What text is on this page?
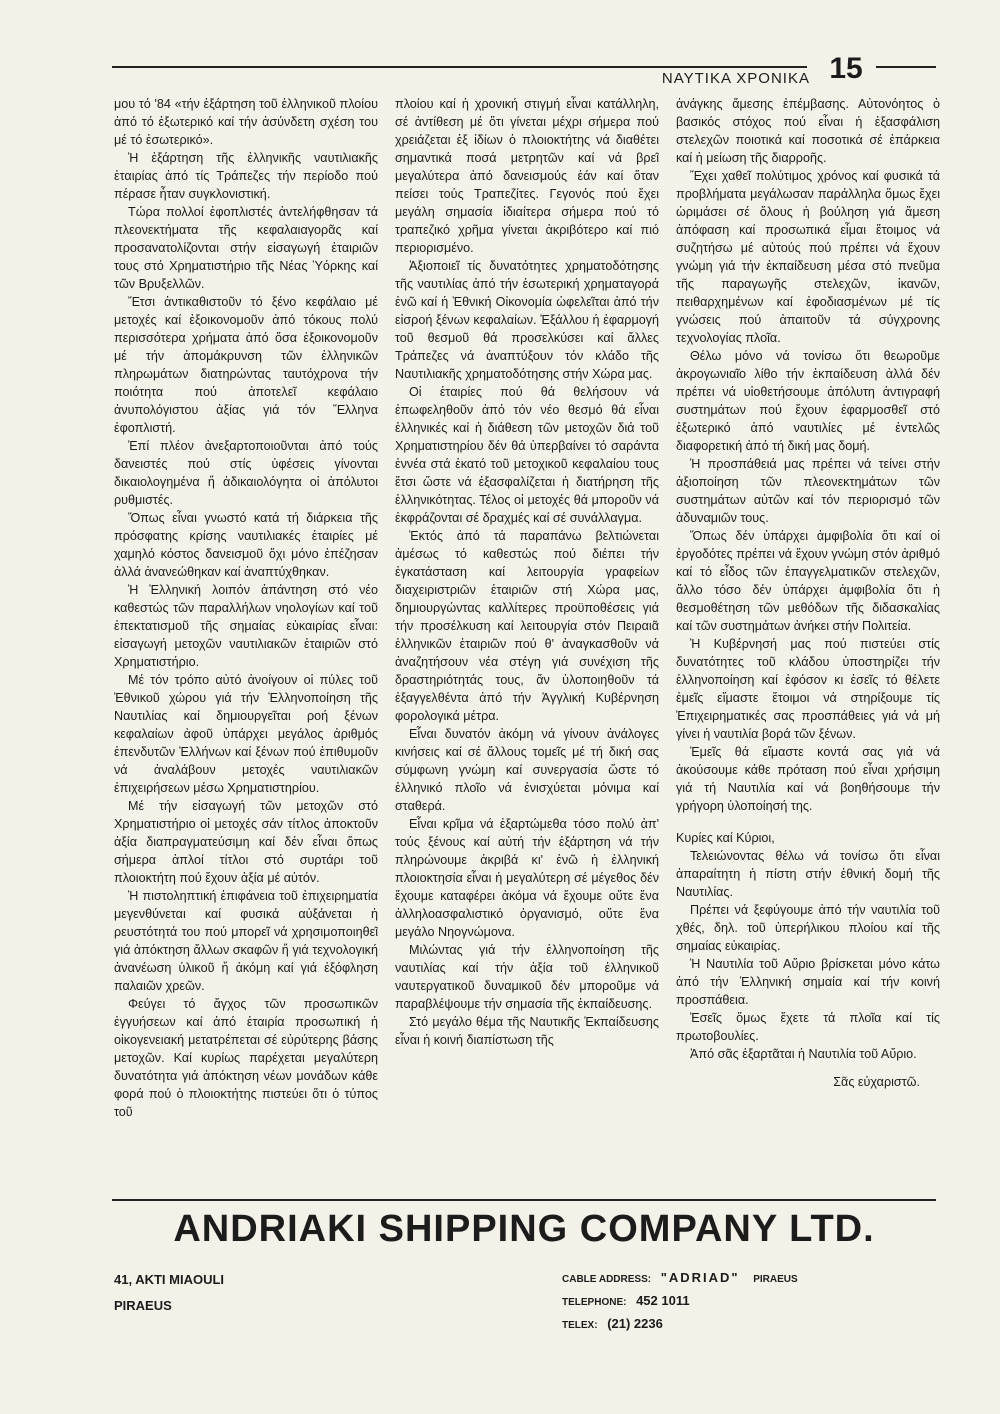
ΝΑΥΤΙΚΑ ΧΡΟΝΙΚΑ 15

μου τό '84 «τήν ἐξάρτηση τοῦ ἑλληνικοῦ πλοίου ἀπό τό ἐξωτερικό καί τήν ἀσύνδετη σχέση του μέ τό ἐσωτερικό».

Ἡ ἐξάρτηση τῆς ἑλληνικῆς ναυτιλιακῆς ἑταιρίας ἀπό τίς Τράπεζες τήν περίοδο πού πέρασε ἦταν συγκλονιστική.

Τώρα πολλοί ἐφοπλιστές ἀντελήφθησαν τά πλεονεκτήματα τῆς κεφαλαιαγορᾶς καί προσανατολίζονται στήν εἰσαγωγή ἑταιριῶν τους στό Χρηματιστήριο τῆς Νέας Ὑόρκης καί τῶν Βρυξελλῶν.

Ἔτσι ἀντικαθιστοῦν τό ξένο κεφάλαιο μέ μετοχές καί ἐξοικονομοῦν ἀπό τόκους πολύ περισσότερα χρήματα ἀπό ὅσα ἐξοικονομοῦν μέ τήν ἀπομάκρυνση τῶν ἑλληνικῶν πληρωμάτων διατηρώντας ταυτόχρονα τήν ποιότητα πού ἀποτελεῖ κεφάλαιο ἀνυπολόγιστου ἀξίας γιά τόν Ἕλληνα ἐφοπλιστή.

Ἐπί πλέον ἀνεξαρτοποιοῦνται ἀπό τούς δανειστές πού στίς ὑφέσεις γίνονται δικαιολογημένα ἤ ἀδικαιολόγητα οἱ ἀπόλυτοι ρυθμιστές.

Ὅπως εἶναι γνωστό κατά τή διάρκεια τῆς πρόσφατης κρίσης ναυτιλιακές ἑταιρίες μέ χαμηλό κόστος δανεισμοῦ ὄχι μόνο ἐπέζησαν ἀλλά ἀνανεώθηκαν καί ἀναπτύχθηκαν.

Ἡ Ἑλληνική λοιπόν ἀπάντηση στό νέο καθεστώς τῶν παραλλήλων νηολογίων καί τοῦ ἐπεκτατισμοῦ τῆς σημαίας εὐκαιρίας εἶναι: εἰσαγωγή μετοχῶν ναυτιλιακῶν ἑταιριῶν στό Χρηματιστήριο.

Μέ τόν τρόπο αὐτό ἀνοίγουν οἱ πύλες τοῦ Ἐθνικοῦ χώρου γιά τήν Ἑλληνοποίηση τῆς Ναυτιλίας καί δημιουργεῖται ροή ξένων κεφαλαίων ἀφοῦ ὑπάρχει μεγάλος ἀριθμός ἐπενδυτῶν Ἑλλήνων καί ξένων πού ἐπιθυμοῦν νά ἀναλάβουν μετοχές ναυτιλιακῶν ἐπιχειρήσεων μέσω Χρηματιστηρίου.

Μέ τήν εἰσαγωγή τῶν μετοχῶν στό Χρηματιστήριο οἱ μετοχές σάν τίτλος ἀποκτοῦν ἀξία διαπραγματεύσιμη καί δέν εἶναι ὅπως σήμερα ἁπλοί τίτλοι στό συρτάρι τοῦ πλοιοκτήτη πού ἔχουν ἀξία μέ αὐτόν.

Ἡ πιστοληπτική ἐπιφάνεια τοῦ ἐπιχειρηματία μεγενθύνεται καί φυσικά αὐξάνεται ἡ ρευστότητά του πού μπορεῖ νά χρησιμοποιηθεῖ γιά ἀπόκτηση ἄλλων σκαφῶν ἤ γιά τεχνολογική ἀνανέωση ὑλικοῦ ἤ ἀκόμη καί γιά ἐξόφληση παλαιῶν χρεῶν.

Φεύγει τό ἄγχος τῶν προσωπικῶν ἐγγυήσεων καί ἀπό ἑταιρία προσωπική ἡ οἰκογενειακή μετατρέπεται σέ εὐρύτερης βάσης μετοχῶν. Καί κυρίως παρέχεται μεγαλύτερη δυνατότητα γιά ἀπόκτηση νέων μονάδων κάθε φορά πού ὁ πλοιοκτήτης πιστεύει ὅτι ὁ τύπος τοῦ

πλοίου καί ἡ χρονική στιγμή εἶναι κατάλληλη, σέ ἀντίθεση μέ ὅτι γίνεται μέχρι σήμερα πού χρειάζεται ἐξ ἰδίων ὁ πλοιοκτήτης νά διαθέτει σημαντικά ποσά μετρητῶν καί νά βρεῖ μεγαλύτερα ἀπό δανεισμούς ἐάν καί ὅταν πείσει τούς Τραπεζίτες. Γεγονός πού ἔχει μεγάλη σημασία ἰδιαίτερα σήμερα πού τό τραπεζικό χρῆμα γίνεται ἀκριβότερο καί πιό περιορισμένο.

Ἀξιοποιεῖ τίς δυνατότητες χρηματοδότησης τῆς ναυτιλίας ἀπό τήν ἐσωτερική χρηματαγορά ἐνῶ καί ἡ Ἐθνική Οἰκονομία ὠφελεῖται ἀπό τήν εἰσροή ξένων κεφαλαίων. Ἐξάλλου ἡ ἐφαρμογή τοῦ θεσμοῦ θά προσελκύσει καί ἄλλες Τράπεζες νά ἀναπτύξουν τόν κλάδο τῆς Ναυτιλιακῆς χρηματοδότησης στήν Χώρα μας.

Οἱ ἑταιρίες πού θά θελήσουν νά ἐπωφεληθοῦν ἀπό τόν νέο θεσμό θά εἶναι ἑλληνικές καί ἡ διάθεση τῶν μετοχῶν διά τοῦ Χρηματιστηρίου δέν θά ὑπερβαίνει τό σαράντα ἐννέα στά ἑκατό τοῦ μετοχικοῦ κεφαλαίου τους ἔτσι ὥστε νά ἐξασφαλίζεται ἡ διατήρηση τῆς ἑλληνικότητας. Τέλος οἱ μετοχές θά μποροῦν νά ἐκφράζονται σέ δραχμές καί σέ συνάλλαγμα.

Ἐκτός ἀπό τά παραπάνω βελτιώνεται ἀμέσως τό καθεστώς πού διέπει τήν ἐγκατάσταση καί λειτουργία γραφείων διαχειριστριῶν ἑταιριῶν στή Χώρα μας, δημιουργώντας καλλίτερες προϋποθέσεις γιά τήν προσέλκυση καί λειτουργία στόν Πειραιᾶ ἑλληνικῶν ἑταιριῶν πού θ' ἀναγκασθοῦν νά ἀναζητήσουν νέα στέγη γιά συνέχιση τῆς δραστηριότητάς τους, ἄν ὑλοποιηθοῦν τά ἐξαγγελθέντα ἀπό τήν Ἀγγλική Κυβέρνηση φορολογικά μέτρα.

Εἶναι δυνατόν ἀκόμη νά γίνουν ἀνάλογες κινήσεις καί σέ ἄλλους τομεῖς μέ τή δική σας σύμφωνη γνώμη καί συνεργασία ὥστε τό ἑλληνικό πλοῖο νά ἐνισχύεται μόνιμα καί σταθερά.

Εἶναι κρῖμα νά ἐξαρτώμεθα τόσο πολύ ἀπ' τούς ξένους καί αὐτή τήν ἐξάρτηση νά τήν πληρώνουμε ἀκριβά κι' ἐνῶ ἡ ἑλληνική πλοιοκτησία εἶναι ἡ μεγαλύτερη σέ μέγεθος δέν ἔχουμε καταφέρει ἀκόμα νά ἔχουμε οὔτε ἕνα ἀλληλοασφαλιστικό ὀργανισμό, οὔτε ἕνα μεγάλο Νηογνώμονα.

Μιλώντας γιά τήν ἑλληνοποίηση τῆς ναυτιλίας καί τήν ἀξία τοῦ ἑλληνικοῦ ναυτεργατικοῦ δυναμικοῦ δέν μποροῦμε νά παραβλέψουμε τήν σημασία τῆς ἐκπαίδευσης.

Στό μεγάλο θέμα τῆς Ναυτικῆς Ἐκπαίδευσης εἶναι ἡ κοινή διαπίστωση τῆς

ἀνάγκης ἄμεσης ἐπέμβασης. Αὐτονόητος ὁ βασικός στόχος πού εἶναι ἡ ἐξασφάλιση στελεχῶν ποιοτικά καί ποσοτικά σέ ἐπάρκεια καί ἡ μείωση τῆς διαρροῆς.

Ἔχει χαθεῖ πολύτιμος χρόνος καί φυσικά τά προβλήματα μεγάλωσαν παράλληλα ὅμως ἔχει ὡριμάσει σέ ὅλους ἡ βούληση γιά ἄμεση ἀπόφαση καί προσωπικά εἶμαι ἕτοιμος νά συζητήσω μέ αὐτούς πού πρέπει νά ἔχουν γνώμη γιά τήν ἐκπαίδευση μέσα στό πνεῦμα τῆς παραγωγῆς στελεχῶν, ἱκανῶν, πειθαρχημένων καί ἐφοδιασμένων μέ τίς γνώσεις πού ἀπαιτοῦν τά σύγχρονης τεχνολογίας πλοῖα.

Θέλω μόνο νά τονίσω ὅτι θεωροῦμε ἀκρογωνιαῖο λίθο τήν ἐκπαίδευση ἀλλά δέν πρέπει νά υἱοθετήσουμε ἀπόλυτη ἀντιγραφή συστημάτων πού ἔχουν ἐφαρμοσθεῖ στό ἐξωτερικό ἀπό ναυτιλίες μέ ἐντελῶς διαφορετική ἀπό τή δική μας δομή.

Ἡ προσπάθειά μας πρέπει νά τείνει στήν ἀξιοποίηση τῶν πλεονεκτημάτων τῶν συστημάτων αὐτῶν καί τόν περιορισμό τῶν ἀδυναμιῶν τους.

Ὅπως δέν ὑπάρχει ἀμφιβολία ὅτι καί οἱ ἐργοδότες πρέπει νά ἔχουν γνώμη στόν ἀριθμό καί τό εἶδος τῶν ἐπαγγελματικῶν στελεχῶν, ἄλλο τόσο δέν ὑπάρχει ἀμφιβολία ὅτι ἡ θεσμοθέτηση τῶν μεθόδων τῆς διδασκαλίας καί τῶν συστημάτων ἀνήκει στήν Πολιτεία.

Ἡ Κυβέρνησή μας πού πιστεύει στίς δυνατότητες τοῦ κλάδου ὑποστηρίζει τήν ἑλληνοποίηση καί ἐφόσον κι ἐσεῖς τό θέλετε ἐμεῖς εἴμαστε ἕτοιμοι νά στηρίξουμε τίς Ἐπιχειρηματικές σας προσπάθειες γιά νά μή γίνει ἡ ναυτιλία βορά τῶν ξένων.

Ἐμεῖς θά εἴμαστε κοντά σας γιά νά ἀκούσουμε κάθε πρόταση πού εἶναι χρήσιμη γιά τή Ναυτιλία καί νά βοηθήσουμε τήν γρήγορη ὑλοποίησή της.

Κυρίες καί Κύριοι,

Τελειώνοντας θέλω νά τονίσω ὅτι εἶναι ἀπαραίτητη ἡ πίστη στήν ἐθνική δομή τῆς Ναυτιλίας.

Πρέπει νά ξεφύγουμε ἀπό τήν ναυτιλία τοῦ χθές, δηλ. τοῦ ὑπερήλικου πλοίου καί τῆς σημαίας εὐκαιρίας.

Ἡ Ναυτιλία τοῦ Αὔριο βρίσκεται μόνο κάτω ἀπό τήν Ἑλληνική σημαία καί τήν κοινή προσπάθεια.

Ἐσεῖς ὅμως ἔχετε τά πλοῖα καί τίς πρωτοβουλίες.

Ἀπό σᾶς ἐξαρτᾶται ἡ Ναυτιλία τοῦ Αὔριο.

Σᾶς εὐχαριστῶ.

ANDRIAKI SHIPPING COMPANY LTD.
41, AKTI MIAOULI
PIRAEUS
CABLE ADDRESS: "ADRIAD" PIRAEUS
TELEPHONE: 452 1011
TELEX: (21) 2236
